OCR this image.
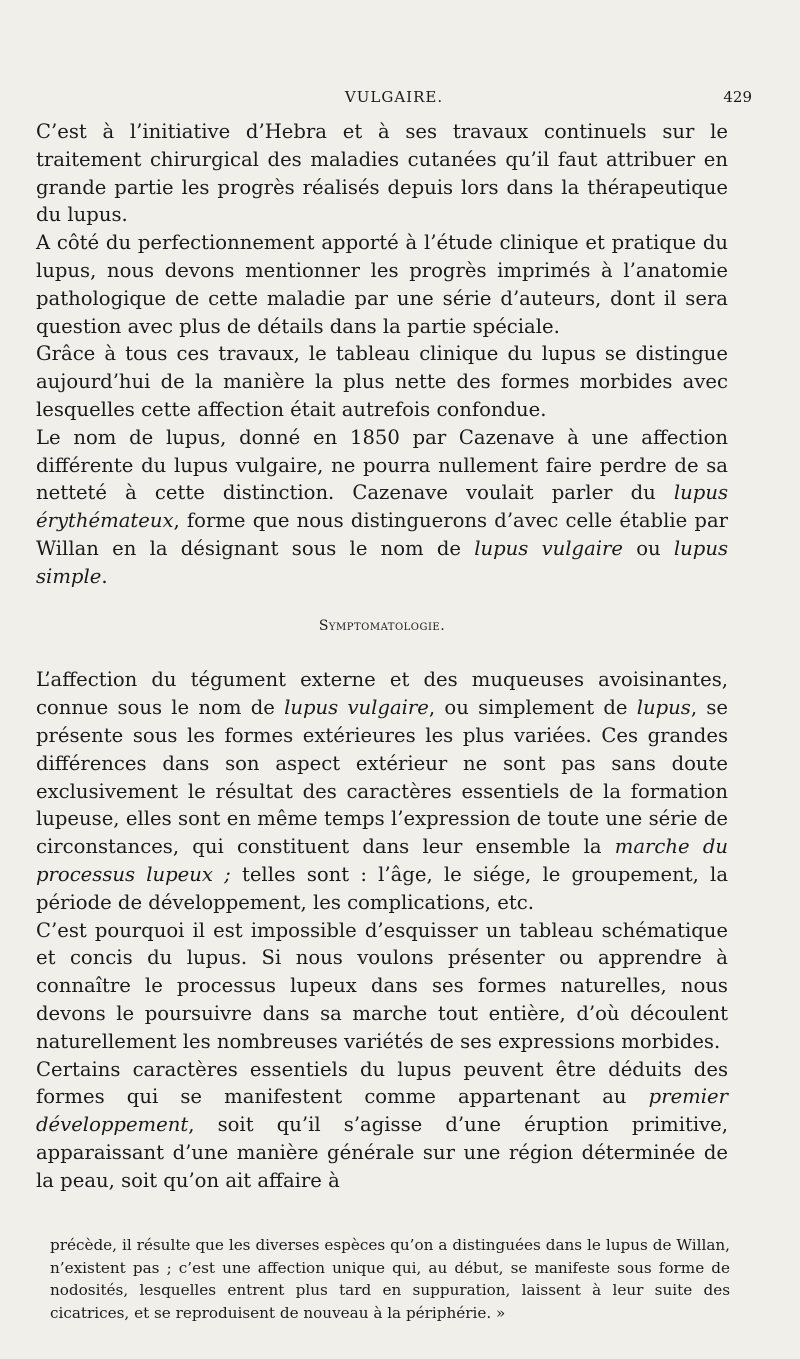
VULGAIRE.	429

C’est à l’initiative d’Hebra et à ses travaux continuels sur le traitement chirurgical des maladies cutanées qu’il faut attribuer en grande partie les progrès réalisés depuis lors dans la thérapeutique du lupus.

A côté du perfectionnement apporté à l’étude clinique et pratique du lupus, nous devons mentionner les progrès imprimés à l’anatomie pathologique de cette maladie par une série d’auteurs, dont il sera question avec plus de détails dans la partie spéciale.

Grâce à tous ces travaux, le tableau clinique du lupus se distingue aujourd’hui de la manière la plus nette des formes morbides avec lesquelles cette affection était autrefois confondue.

Le nom de lupus, donné en 1850 par Cazenave à une affection différente du lupus vulgaire, ne pourra nullement faire perdre de sa netteté à cette distinction. Cazenave voulait parler du lupus érythémateux, forme que nous distinguerons d’avec celle établie par Willan en la désignant sous le nom de lupus vulgaire ou lupus simple.

Symptomatologie.

L’affection du tégument externe et des muqueuses avoisinantes, connue sous le nom de lupus vulgaire, ou simplement de lupus, se présente sous les formes extérieures les plus variées. Ces grandes différences dans son aspect extérieur ne sont pas sans doute exclusivement le résultat des caractères essentiels de la formation lupeuse, elles sont en même temps l’expression de toute une série de circonstances, qui constituent dans leur ensemble la marche du processus lupeux ; telles sont : l’âge, le siége, le groupement, la période de développement, les complications, etc.

C’est pourquoi il est impossible d’esquisser un tableau schématique et concis du lupus. Si nous voulons présenter ou apprendre à connaître le processus lupeux dans ses formes naturelles, nous devons le poursuivre dans sa marche tout entière, d’où découlent naturellement les nombreuses variétés de ses expressions morbides.

Certains caractères essentiels du lupus peuvent être déduits des formes qui se manifestent comme appartenant au premier développement, soit qu’il s’agisse d’une éruption primitive, apparaissant d’une manière générale sur une région déterminée de la peau, soit qu’on ait affaire à

précède, il résulte que les diverses espèces qu’on a distinguées dans le lupus de Willan, n’existent pas ; c’est une affection unique qui, au début, se manifeste sous forme de nodosités, lesquelles entrent plus tard en suppuration, laissent à leur suite des cicatrices, et se reproduisent de nouveau à la périphérie. »
